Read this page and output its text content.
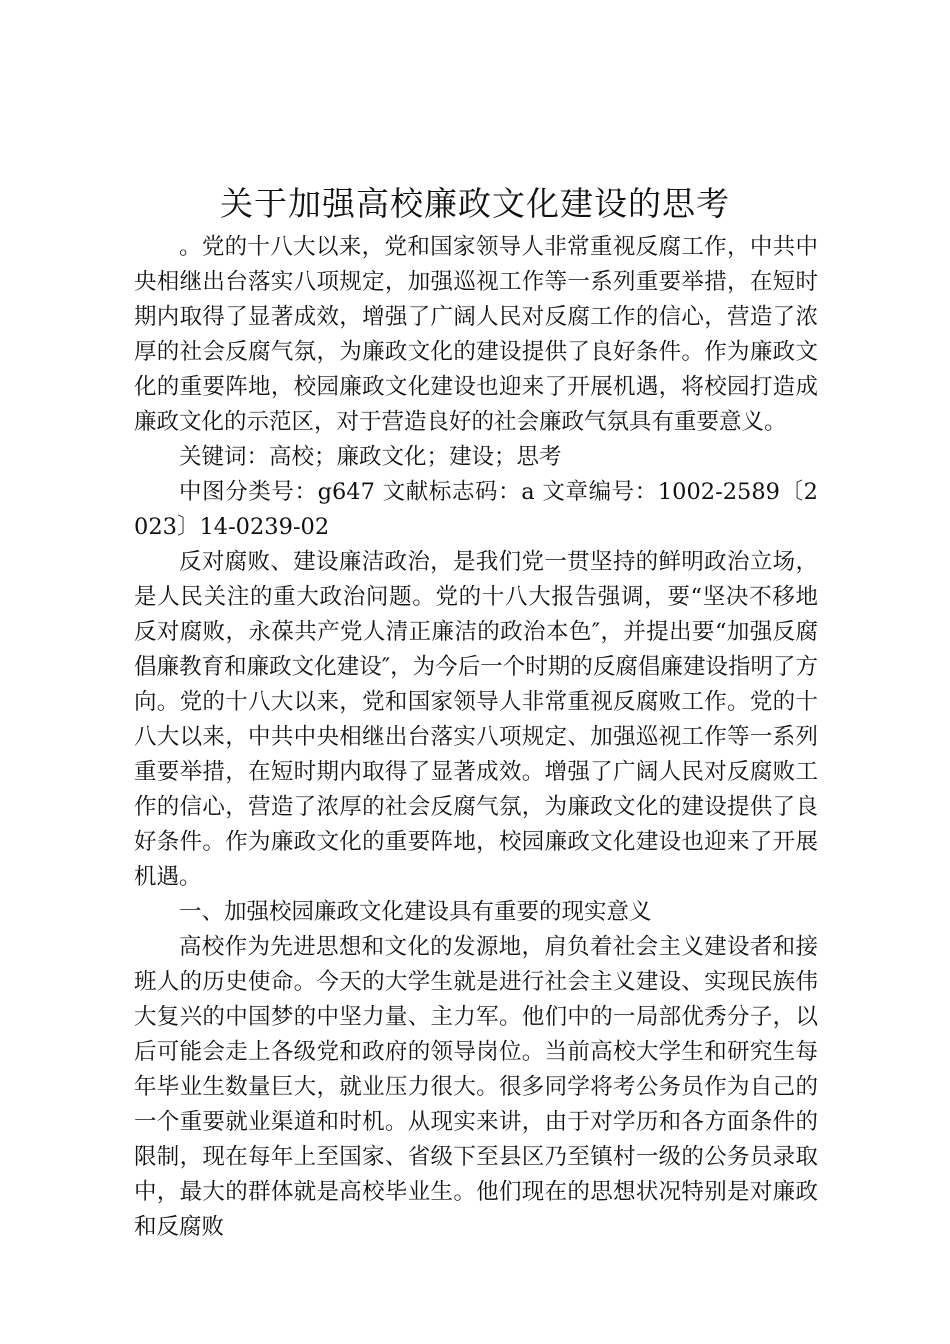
关于加强高校廉政文化建设的思考

。党的十八大以来，党和国家领导人非常重视反腐工作，中共中央相继出台落实八项规定，加强巡视工作等一系列重要举措，在短时期内取得了显著成效，增强了广阔人民对反腐工作的信心，营造了浓厚的社会反腐气氛，为廉政文化的建设提供了良好条件。作为廉政文化的重要阵地，校园廉政文化建设也迎来了开展机遇，将校园打造成廉政文化的示范区，对于营造良好的社会廉政气氛具有重要意义。

关键词：高校；廉政文化；建设；思考

中图分类号：g647 文献标志码：a 文章编号：1002-2589〔2023〕14-0239-02

反对腐败、建设廉洁政治，是我们党一贯坚持的鲜明政治立场，是人民关注的重大政治问题。党的十八大报告强调，要“坚决不移地反对腐败，永葆共产党人清正廉洁的政治本色″，并提出要“加强反腐倡廉教育和廉政文化建设″，为今后一个时期的反腐倡廉建设指明了方向。党的十八大以来，党和国家领导人非常重视反腐败工作。党的十八大以来，中共中央相继出台落实八项规定、加强巡视工作等一系列重要举措，在短时期内取得了显著成效。增强了广阔人民对反腐败工作的信心，营造了浓厚的社会反腐气氛，为廉政文化的建设提供了良好条件。作为廉政文化的重要阵地，校园廉政文化建设也迎来了开展机遇。

一、加强校园廉政文化建设具有重要的现实意义

高校作为先进思想和文化的发源地，肩负着社会主义建设者和接班人的历史使命。今天的大学生就是进行社会主义建设、实现民族伟大复兴的中国梦的中坚力量、主力军。他们中的一局部优秀分子，以后可能会走上各级党和政府的领导岗位。当前高校大学生和研究生每年毕业生数量巨大，就业压力很大。很多同学将考公务员作为自己的一个重要就业渠道和时机。从现实来讲，由于对学历和各方面条件的限制，现在每年上至国家、省级下至县区乃至镇村一级的公务员录取中，最大的群体就是高校毕业生。他们现在的思想状况特别是对廉政和反腐败
